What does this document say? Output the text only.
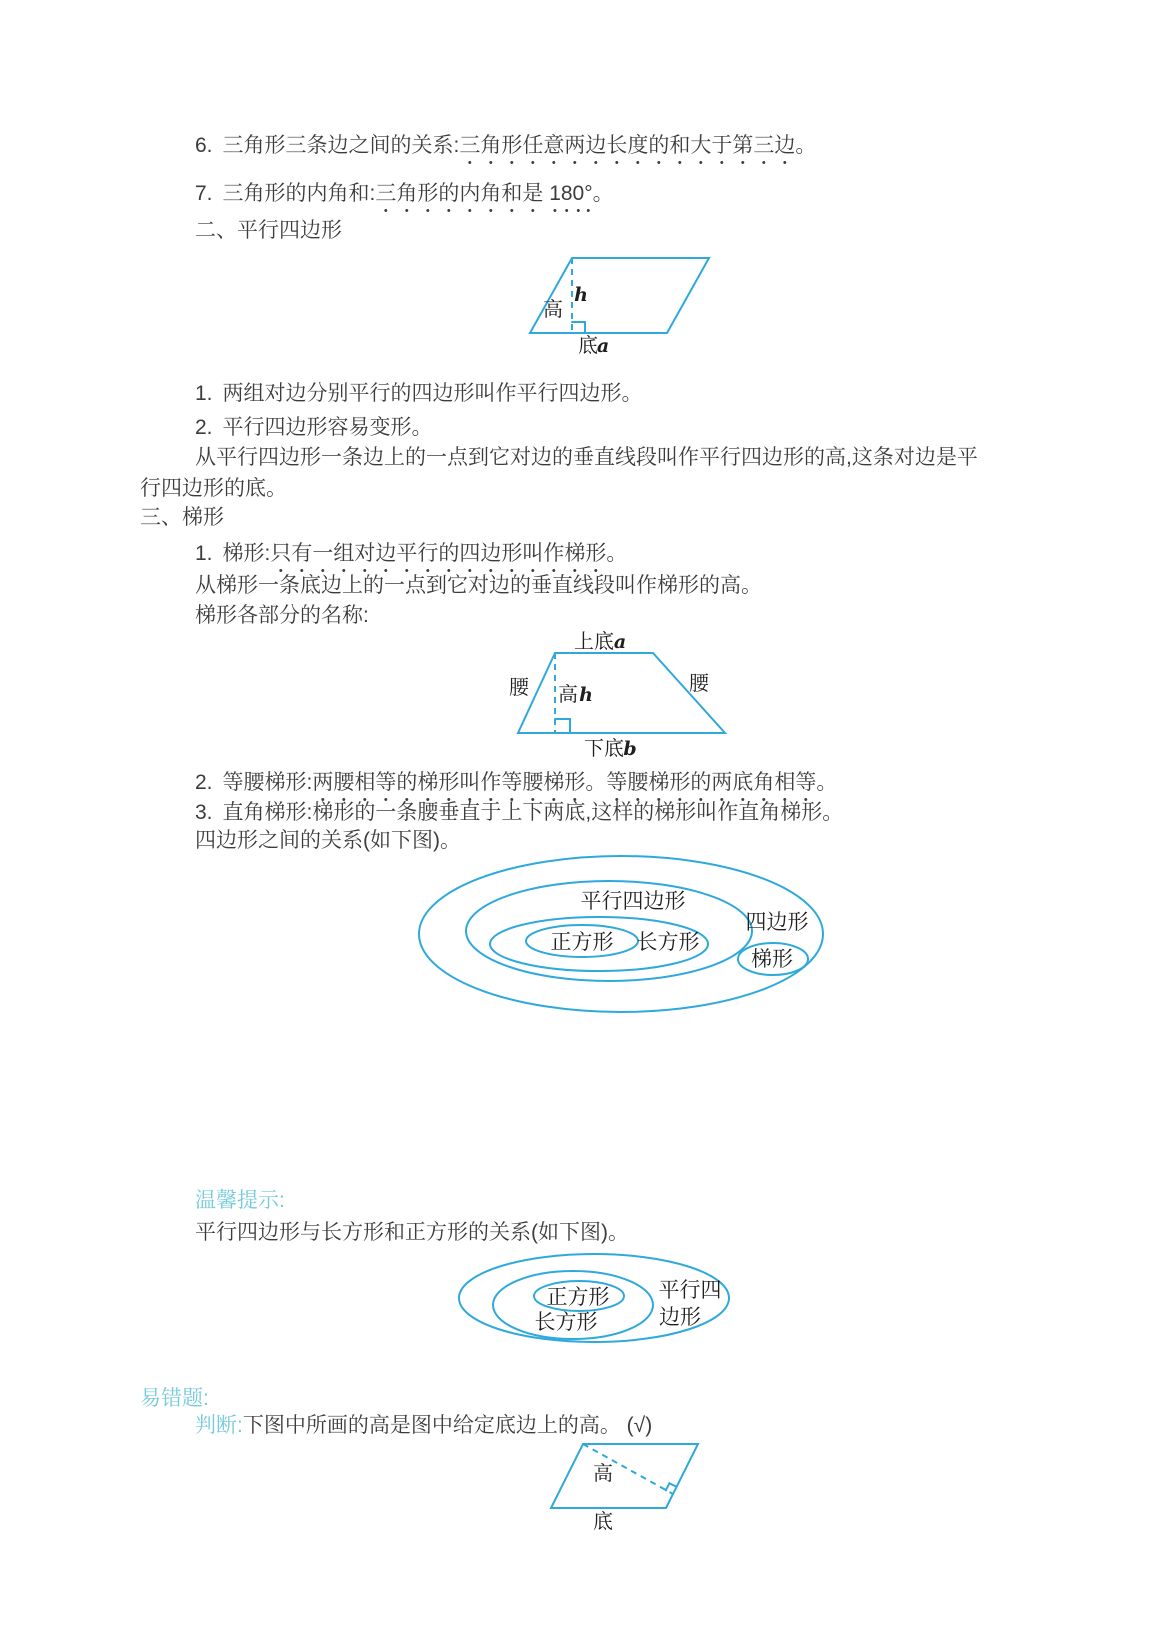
6. 三角形三条边之间的关系:三角形任意两边长度的和大于第三边。
7. 三角形的内角和:三角形的内角和是 180°。
二、平行四边形
高
h
底
a
1. 两组对边分别平行的四边形叫作平行四边形。
2. 平行四边形容易变形。
从平行四边形一条边上的一点到它对边的垂直线段叫作平行四边形的高,这条对边是平
行四边形的底。
三、梯形
1. 梯形:只有一组对边平行的四边形叫作梯形。
从梯形一条底边上的一点到它对边的垂直线段叫作梯形的高。
梯形各部分的名称:
上底 a
腰	腰
高 h
下底 b
2. 等腰梯形:两腰相等的梯形叫作等腰梯形。等腰梯形的两底角相等。
3. 直角梯形:梯形的一条腰垂直于上下两底,这样的梯形叫作直角梯形。
四边形之间的关系(如下图)。
平行四边形
四边形
正方形 长方形
梯形
温馨提示:
平行四边形与长方形和正方形的关系(如下图)。
正方形
长方形
平行四
边形
易错题:
判断:下图中所画的高是图中给定底边上的高。 (√)
高
底
